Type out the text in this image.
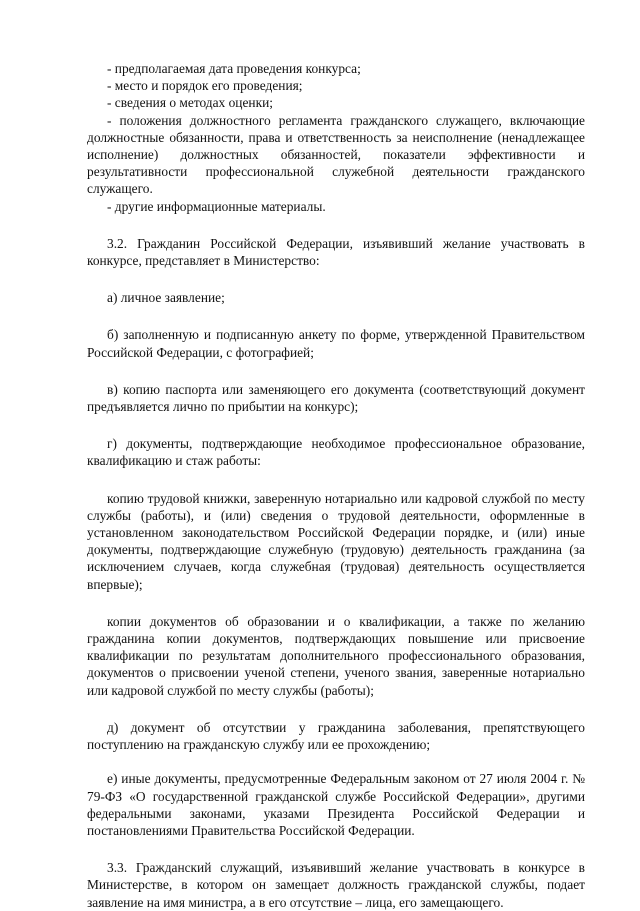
- предполагаемая дата проведения конкурса;

- место и порядок его проведения;

- сведения о методах оценки;

- положения должностного регламента гражданского служащего, включающие должностные обязанности, права и ответственность за неисполнение (ненадлежащее исполнение) должностных обязанностей, показатели эффективности и результативности профессиональной служебной деятельности гражданского служащего.

- другие информационные материалы.

3.2. Гражданин Российской Федерации, изъявивший желание участвовать в конкурсе, представляет в Министерство:

а) личное заявление;

б) заполненную и подписанную анкету по форме, утвержденной Правительством Российской Федерации, с фотографией;

в) копию паспорта или заменяющего его документа (соответствующий документ предъявляется лично по прибытии на конкурс);

г) документы, подтверждающие необходимое профессиональное образование, квалификацию и стаж работы:

копию трудовой книжки, заверенную нотариально или кадровой службой по месту службы (работы), и (или) сведения о трудовой деятельности, оформленные в установленном законодательством Российской Федерации порядке, и (или) иные документы, подтверждающие служебную (трудовую) деятельность гражданина (за исключением случаев, когда служебная (трудовая) деятельность осуществляется впервые);

копии документов об образовании и о квалификации, а также по желанию гражданина копии документов, подтверждающих повышение или присвоение квалификации по результатам дополнительного профессионального образования, документов о присвоении ученой степени, ученого звания, заверенные нотариально или кадровой службой по месту службы (работы);

д) документ об отсутствии у гражданина заболевания, препятствующего поступлению на гражданскую службу или ее прохождению;

е) иные документы, предусмотренные Федеральным законом от 27 июля 2004 г. № 79-ФЗ «О государственной гражданской службе Российской Федерации», другими федеральными законами, указами Президента Российской Федерации и постановлениями Правительства Российской Федерации.

3.3. Гражданский служащий, изъявивший желание участвовать в конкурсе в Министерстве, в котором он замещает должность гражданской службы, подает заявление на имя министра, а в его отсутствие – лица, его замещающего.
